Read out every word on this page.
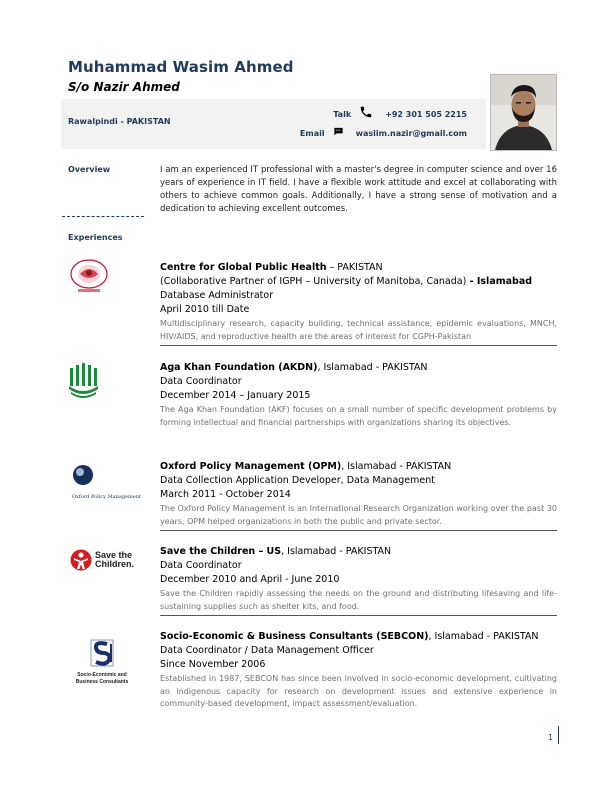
Muhammad Wasim Ahmed
S/o Nazir Ahmed
Rawalpindi - PAKISTAN
Talk	+92 301 505 2215
Email	wasiim.nazir@gmail.com
Overview	I am an experienced IT professional with a master's degree in computer science and over 16 years of experience in IT field. I have a flexible work attitude and excel at collaborating with others to achieve common goals. Additionally, I have a strong sense of motivation and a dedication to achieving excellent outcomes.
Experiences
Centre for Global Public Health – PAKISTAN
(Collaborative Partner of IGPH – University of Manitoba, Canada) - Islamabad
Database Administrator
April 2010 till Date
Multidisciplinary research, capacity building, technical assistance, epidemic evaluations, MNCH, HIV/AIDS, and reproductive health are the areas of interest for CGPH-Pakistan
Aga Khan Foundation (AKDN), Islamabad - PAKISTAN
Data Coordinator
December 2014 – January 2015
The Aga Khan Foundation (AKF) focuses on a small number of specific development problems by forming intellectual and financial partnerships with organizations sharing its objectives.
Oxford Policy Management
Oxford Policy Management (OPM), Islamabad - PAKISTAN
Data Collection Application Developer, Data Management
March 2011 - October 2014
The Oxford Policy Management is an International Research Organization working over the past 30 years, OPM helped organizations in both the public and private sector.
Save the
Children.
Save the Children – US, Islamabad - PAKISTAN
Data Coordinator
December 2010 and April - June 2010
Save the Children rapidly assessing the needs on the ground and distributing lifesaving and life-sustaining supplies such as shelter kits, and food.
Socio-Economic and
Business Consultants
Socio-Economic & Business Consultants (SEBCON), Islamabad - PAKISTAN
Data Coordinator / Data Management Officer
Since November 2006
Established in 1987, SEBCON has since been involved in socio-economic development, cultivating an indigenous capacity for research on development issues and extensive experience in community-based development, impact assessment/evaluation.
1
